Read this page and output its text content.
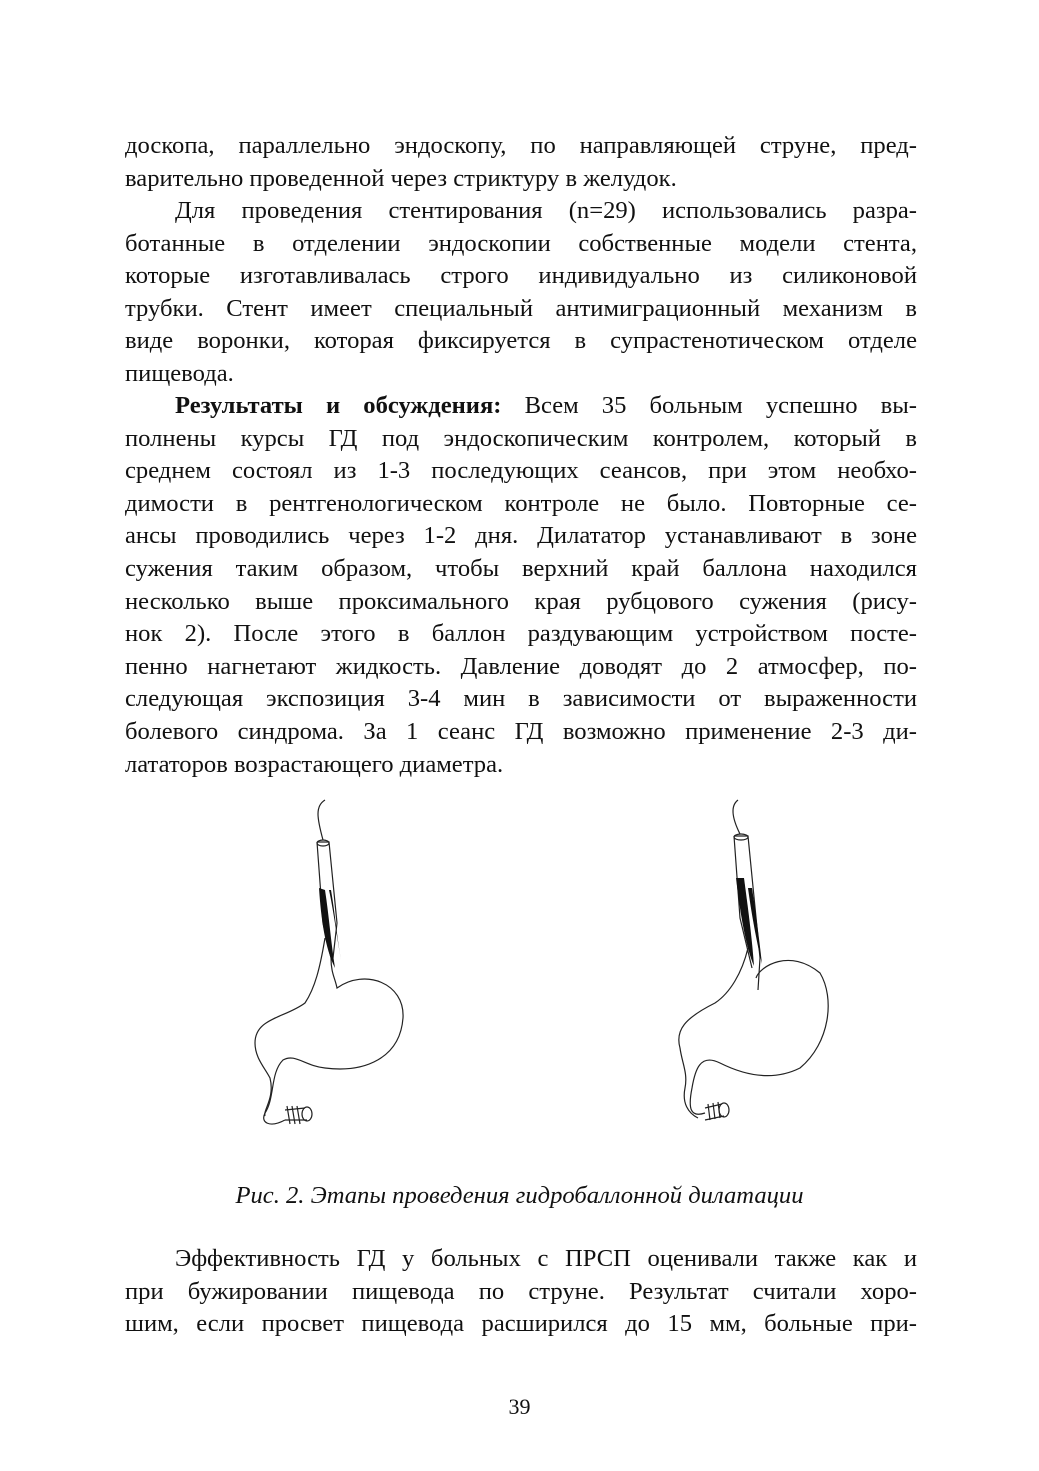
доскопа, параллельно эндоскопу, по направляющей струне, пред-
варительно проведенной через стриктуру в желудок.
Для проведения стентирования (n=29) использовались разра-
ботанные в отделении эндоскопии собственные модели стента,
которые изготавливалась строго индивидуально из силиконовой
трубки. Стент имеет специальный антимиграционный механизм в
виде воронки, которая фиксируется в супрастенотическом отделе
пищевода.
Результаты и обсуждения: Всем 35 больным успешно вы-
полнены курсы ГД под эндоскопическим контролем, который в
среднем состоял из 1-3 последующих сеансов, при этом необхо-
димости в рентгенологическом контроле не было. Повторные се-
ансы проводились через 1-2 дня. Дилататор устанавливают в зоне
сужения таким образом, чтобы верхний край баллона находился
несколько выше проксимального края рубцового сужения (рису-
нок 2). После этого в баллон раздувающим устройством посте-
пенно нагнетают жидкость. Давление доводят до 2 атмосфер, по-
следующая экспозиция 3-4 мин в зависимости от выраженности
болевого синдрома. За 1 сеанс ГД возможно применение 2-3 ди-
лататоров возрастающего диаметра.
Рис. 2. Этапы проведения гидробаллонной дилатации
Эффективность ГД у больных с ПРСП оценивали также как и
при бужировании пищевода по струне. Результат считали хоро-
шим, если просвет пищевода расширился до 15 мм, больные при-
39
